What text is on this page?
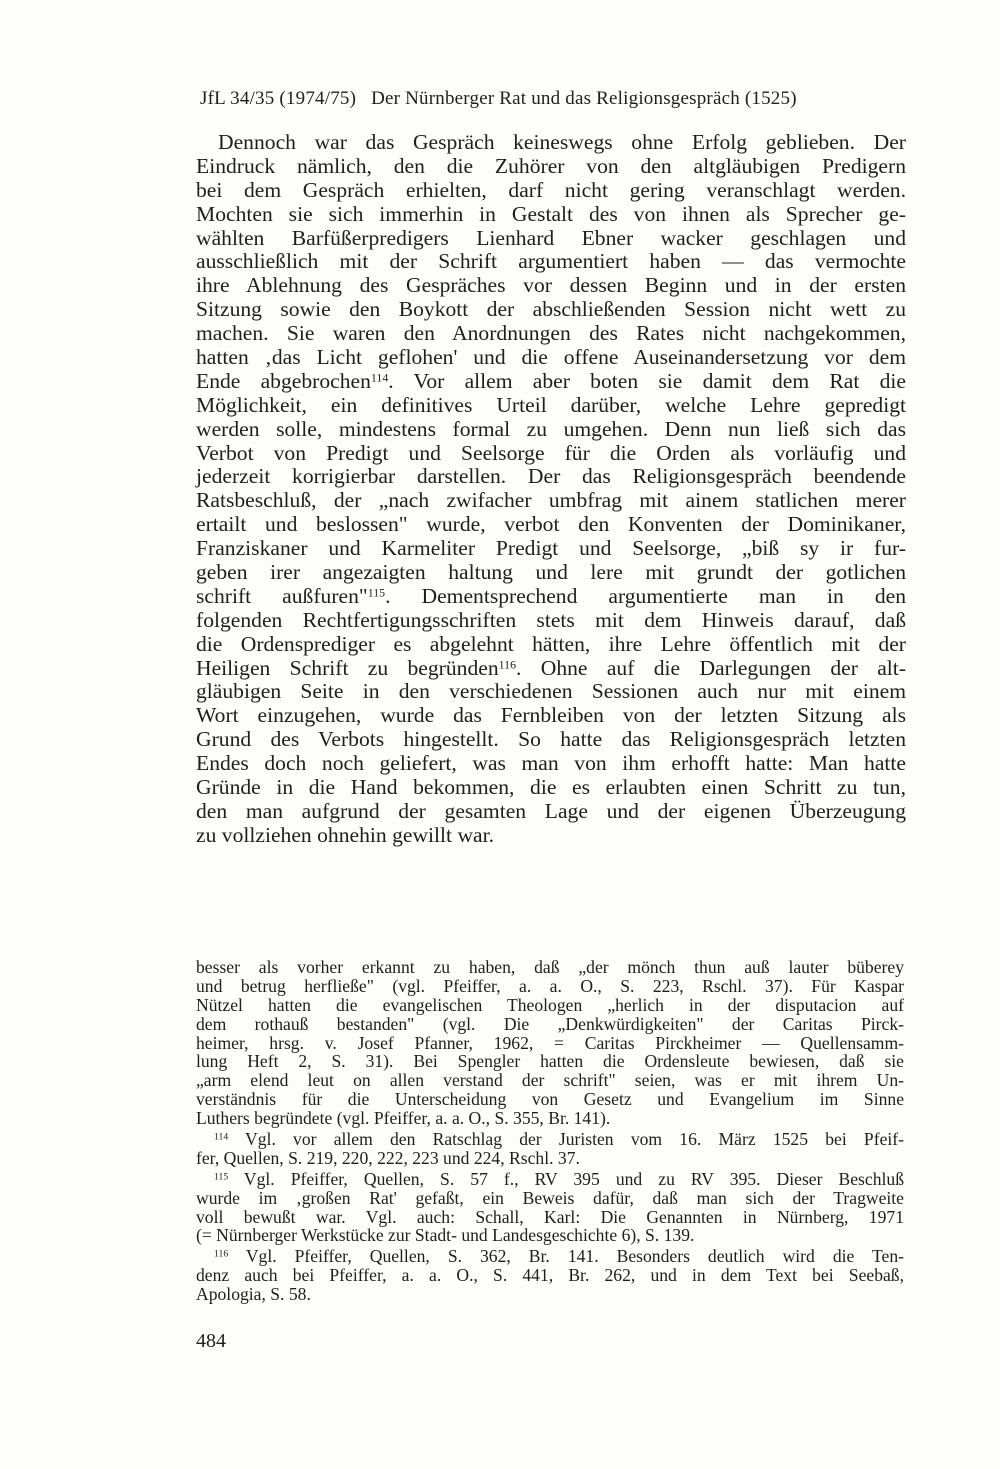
JfL 34/35 (1974/75) Der Nürnberger Rat und das Religionsgespräch (1525)
Dennoch war das Gespräch keineswegs ohne Erfolg geblieben. Der
Eindruck nämlich, den die Zuhörer von den altgläubigen Predigern
bei dem Gespräch erhielten, darf nicht gering veranschlagt werden.
Mochten sie sich immerhin in Gestalt des von ihnen als Sprecher ge-
wählten Barfüßerpredigers Lienhard Ebner wacker geschlagen und
ausschließlich mit der Schrift argumentiert haben — das vermochte
ihre Ablehnung des Gespräches vor dessen Beginn und in der ersten
Sitzung sowie den Boykott der abschließenden Session nicht wett zu
machen. Sie waren den Anordnungen des Rates nicht nachgekommen,
hatten ‚das Licht geflohen' und die offene Auseinandersetzung vor dem
Ende abgebrochen$^{114}$. Vor allem aber boten sie damit dem Rat die
Möglichkeit, ein definitives Urteil darüber, welche Lehre gepredigt
werden solle, mindestens formal zu umgehen. Denn nun ließ sich das
Verbot von Predigt und Seelsorge für die Orden als vorläufig und
jederzeit korrigierbar darstellen. Der das Religionsgespräch beendende
Ratsbeschluß, der „nach zwifacher umbfrag mit ainem statlichen merer
ertailt und beslossen" wurde, verbot den Konventen der Dominikaner,
Franziskaner und Karmeliter Predigt und Seelsorge, „biß sy ir fur-
geben irer angezaigten haltung und lere mit grundt der gotlichen
schrift außfuren"$^{115}$. Dementsprechend argumentierte man in den
folgenden Rechtfertigungsschriften stets mit dem Hinweis darauf, daß
die Ordensprediger es abgelehnt hätten, ihre Lehre öffentlich mit der
Heiligen Schrift zu begründen$^{116}$. Ohne auf die Darlegungen der alt-
gläubigen Seite in den verschiedenen Sessionen auch nur mit einem
Wort einzugehen, wurde das Fernbleiben von der letzten Sitzung als
Grund des Verbots hingestellt. So hatte das Religionsgespräch letzten
Endes doch noch geliefert, was man von ihm erhofft hatte: Man hatte
Gründe in die Hand bekommen, die es erlaubten einen Schritt zu tun,
den man aufgrund der gesamten Lage und der eigenen Überzeugung
zu vollziehen ohnehin gewillt war.
besser als vorher erkannt zu haben, daß „der mönch thun auß lauter büberey
und betrug herfließe" (vgl. Pfeiffer, a. a. O., S. 223, Rschl. 37). Für Kaspar
Nützel hatten die evangelischen Theologen „herlich in der disputacion auf
dem rothauß bestanden" (vgl. Die „Denkwürdigkeiten" der Caritas Pirck-
heimer, hrsg. v. Josef Pfanner, 1962, = Caritas Pirckheimer — Quellensamm-
lung Heft 2, S. 31). Bei Spengler hatten die Ordensleute bewiesen, daß sie
„arm elend leut on allen verstand der schrift" seien, was er mit ihrem Un-
verständnis für die Unterscheidung von Gesetz und Evangelium im Sinne
Luthers begründete (vgl. Pfeiffer, a. a. O., S. 355, Br. 141).
$^{114}$ Vgl. vor allem den Ratschlag der Juristen vom 16. März 1525 bei Pfeif-
fer, Quellen, S. 219, 220, 222, 223 und 224, Rschl. 37.
$^{115}$ Vgl. Pfeiffer, Quellen, S. 57 f., RV 395 und zu RV 395. Dieser Beschluß
wurde im ‚großen Rat' gefaßt, ein Beweis dafür, daß man sich der Tragweite
voll bewußt war. Vgl. auch: Schall, Karl: Die Genannten in Nürnberg, 1971
(= Nürnberger Werkstücke zur Stadt- und Landesgeschichte 6), S. 139.
$^{116}$ Vgl. Pfeiffer, Quellen, S. 362, Br. 141. Besonders deutlich wird die Ten-
denz auch bei Pfeiffer, a. a. O., S. 441, Br. 262, und in dem Text bei Seebaß,
Apologia, S. 58.
484
